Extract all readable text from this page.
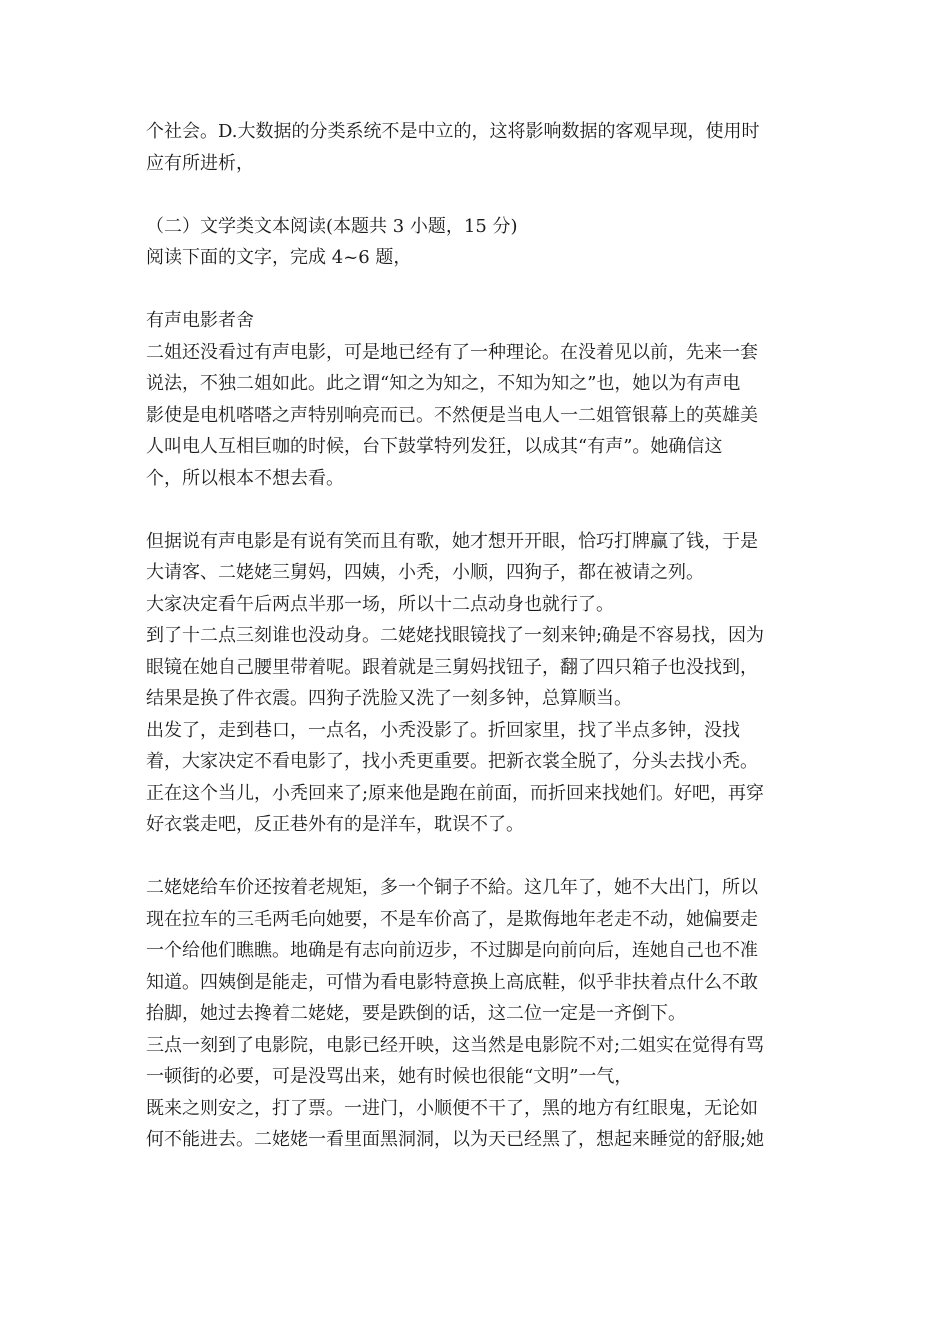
个社会。D.大数据的分类系统不是中立的，这将影响数据的客观早现，使用时
应有所进析，
（二）文学类文本阅读(本题共 3 小题，15 分)
阅读下面的文字，完成 4~6 题，
有声电影者舍
二姐还没看过有声电影，可是地已经有了一种理论。在没着见以前，先来一套
说法，不独二姐如此。此之谓“知之为知之，不知为知之”也，她以为有声电
影使是电机嗒嗒之声特别响亮而已。不然便是当电人一二姐管银幕上的英雄美
人叫电人互相巨咖的时候，台下鼓掌特列发狂，以成其“有声”。她确信这
个，所以根本不想去看。
但据说有声电影是有说有笑而且有歌，她才想开开眼，恰巧打牌赢了钱，于是
大请客、二姥姥三舅妈，四姨，小秃，小顺，四狗子，都在被请之列。
大家决定看午后两点半那一场，所以十二点动身也就行了。
到了十二点三刻谁也没动身。二姥姥找眼镜找了一刻来钟;确是不容易找，因为
眼镜在她自己腰里带着呢。跟着就是三舅妈找钮子，翻了四只箱子也没找到，
结果是换了件衣震。四狗子洗脸又洗了一刻多钟，总算顺当。
出发了，走到巷口，一点名，小秃没影了。折回家里，找了半点多钟，没找
着，大家决定不看电影了，找小秃更重要。把新衣裳全脱了，分头去找小秃。
正在这个当儿，小秃回来了;原来他是跑在前面，而折回来找她们。好吧，再穿
好衣裳走吧，反正巷外有的是洋车，耽误不了。
二姥姥给车价还按着老规矩，多一个铜子不給。这几年了，她不大出门，所以
现在拉车的三毛两毛向她要，不是车价高了，是欺侮地年老走不动，她偏要走
一个给他们瞧瞧。地确是有志向前迈步，不过脚是向前向后，连她自己也不准
知道。四姨倒是能走，可惜为看电影特意换上高底鞋，似乎非扶着点什么不敢
抬脚，她过去搀着二姥姥，要是跌倒的话，这二位一定是一齐倒下。
三点一刻到了电影院，电影已经开映，这当然是电影院不对;二姐实在觉得有骂
一顿街的必要，可是没骂出来，她有时候也很能“文明”一气，
既来之则安之，打了票。一进门，小顺便不干了，黑的地方有红眼鬼，无论如
何不能进去。二姥姥一看里面黑洞洞，以为天已经黑了，想起来睡觉的舒服;她
